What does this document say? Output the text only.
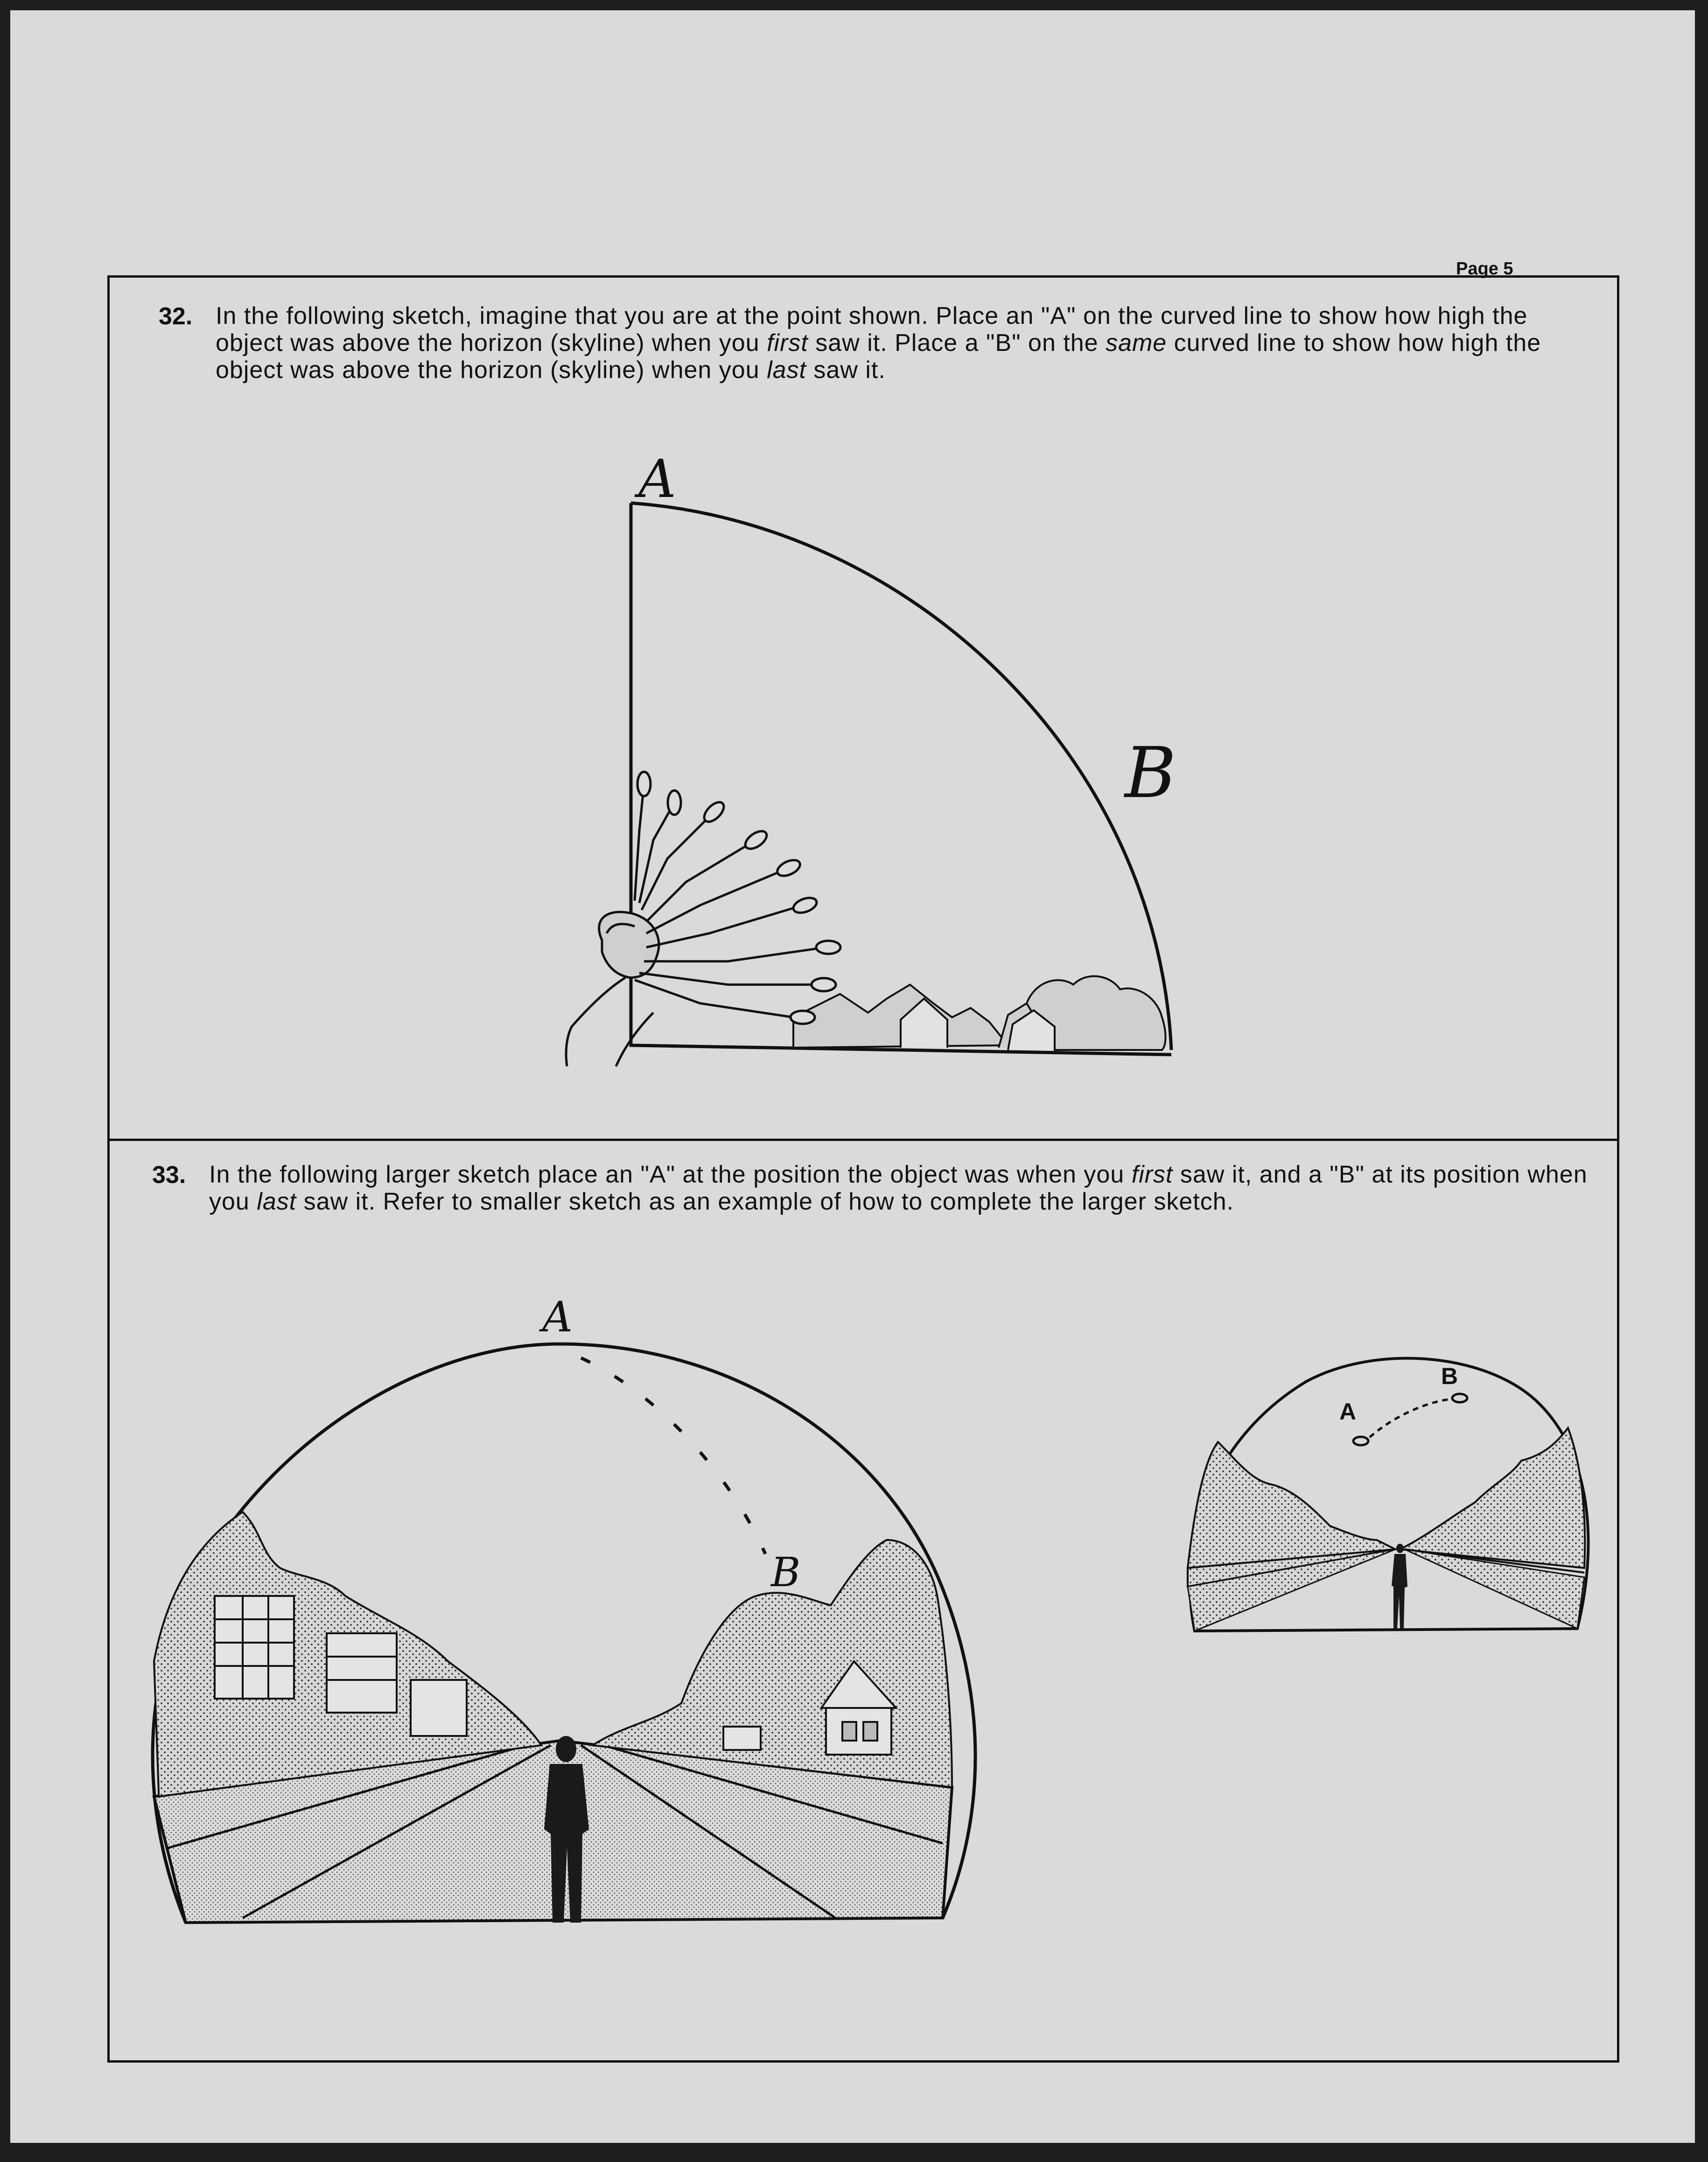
Page 5
32. In the following sketch, imagine that you are at the point shown. Place an "A" on the curved line to show how high the object was above the horizon (skyline) when you first saw it. Place a "B" on the same curved line to show how high the object was above the horizon (skyline) when you last saw it.
A
B
33. In the following larger sketch place an "A" at the position the object was when you first saw it, and a "B" at its position when you last saw it. Refer to smaller sketch as an example of how to complete the larger sketch.
A
B
A
B
